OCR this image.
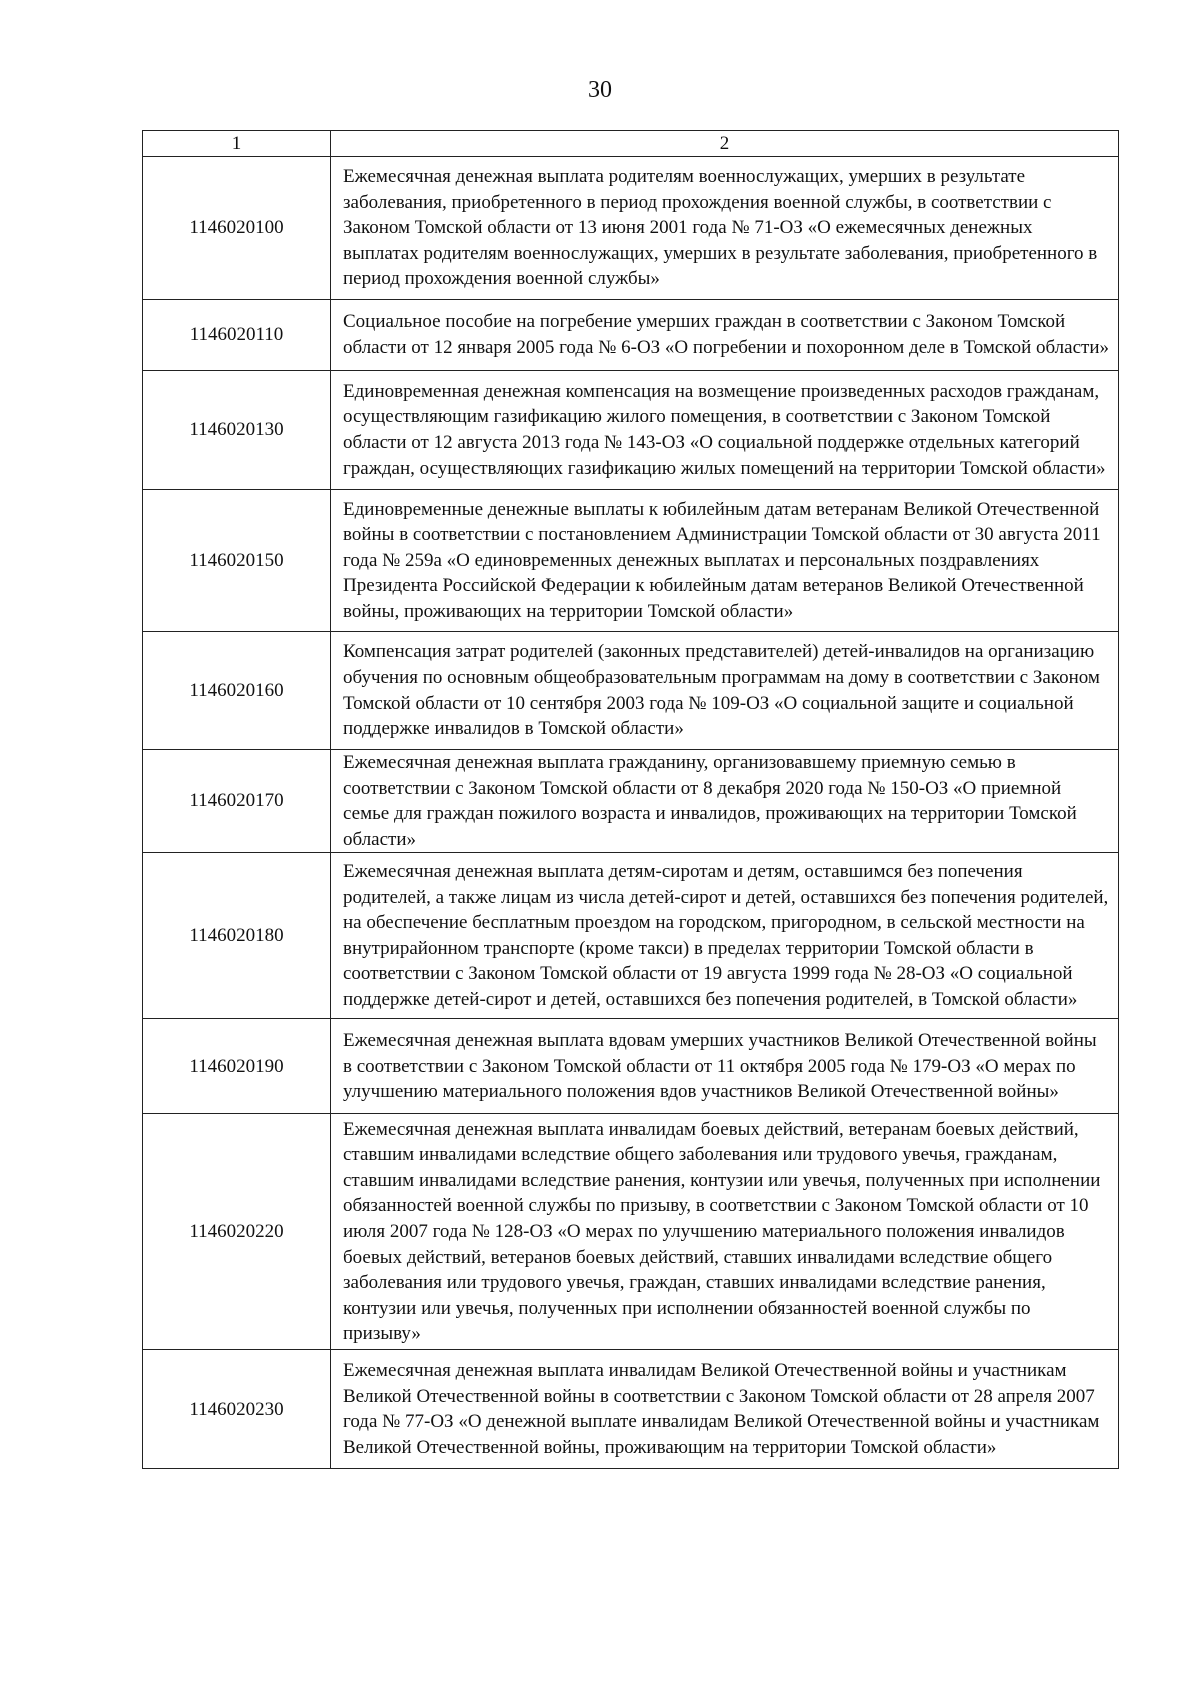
30
1	2
1146020100	Ежемесячная денежная выплата родителям военнослужащих, умерших в результате заболевания, приобретенного в период прохождения военной службы, в соответствии с Законом Томской области от 13 июня 2001 года № 71-ОЗ «О ежемесячных денежных выплатах родителям военнослужащих, умерших в результате заболевания, приобретенного в период прохождения военной службы»
1146020110	Социальное пособие на погребение умерших граждан в соответствии с Законом Томской области от 12 января 2005 года № 6-ОЗ «О погребении и похоронном деле в Томской области»
1146020130	Единовременная денежная компенсация на возмещение произведенных расходов гражданам, осуществляющим газификацию жилого помещения, в соответствии с Законом Томской области от 12 августа 2013 года № 143-ОЗ «О социальной поддержке отдельных категорий граждан, осуществляющих газификацию жилых помещений на территории Томской области»
1146020150	Единовременные денежные выплаты к юбилейным датам ветеранам Великой Отечественной войны в соответствии с постановлением Администрации Томской области от 30 августа 2011 года № 259а «О единовременных денежных выплатах и персональных поздравлениях Президента Российской Федерации к юбилейным датам ветеранов Великой Отечественной войны, проживающих на территории Томской области»
1146020160	Компенсация затрат родителей (законных представителей) детей-инвалидов на организацию обучения по основным общеобразовательным программам на дому в соответствии с Законом Томской области от 10 сентября 2003 года № 109-ОЗ «О социальной защите и социальной поддержке инвалидов в Томской области»
1146020170	Ежемесячная денежная выплата гражданину, организовавшему приемную семью в соответствии с Законом Томской области от 8 декабря 2020 года № 150-ОЗ «О приемной семье для граждан пожилого возраста и инвалидов, проживающих на территории Томской области»
1146020180	Ежемесячная денежная выплата детям-сиротам и детям, оставшимся без попечения родителей, а также лицам из числа детей-сирот и детей, оставшихся без попечения родителей, на обеспечение бесплатным проездом на городском, пригородном, в сельской местности на внутрирайонном транспорте (кроме такси) в пределах территории Томской области в соответствии с Законом Томской области от 19 августа 1999 года № 28-ОЗ «О социальной поддержке детей-сирот и детей, оставшихся без попечения родителей, в Томской области»
1146020190	Ежемесячная денежная выплата вдовам умерших участников Великой Отечественной войны в соответствии с Законом Томской области от 11 октября 2005 года № 179-ОЗ «О мерах по улучшению материального положения вдов участников Великой Отечественной войны»
1146020220	Ежемесячная денежная выплата инвалидам боевых действий, ветеранам боевых действий, ставшим инвалидами вследствие общего заболевания или трудового увечья, гражданам, ставшим инвалидами вследствие ранения, контузии или увечья, полученных при исполнении обязанностей военной службы по призыву, в соответствии с Законом Томской области от 10 июля 2007 года № 128-ОЗ «О мерах по улучшению материального положения инвалидов боевых действий, ветеранов боевых действий, ставших инвалидами вследствие общего заболевания или трудового увечья, граждан, ставших инвалидами вследствие ранения, контузии или увечья, полученных при исполнении обязанностей военной службы по призыву»
1146020230	Ежемесячная денежная выплата инвалидам Великой Отечественной войны и участникам Великой Отечественной войны в соответствии с Законом Томской области от 28 апреля 2007 года № 77-ОЗ «О денежной выплате инвалидам Великой Отечественной войны и участникам Великой Отечественной войны, проживающим на территории Томской области»
